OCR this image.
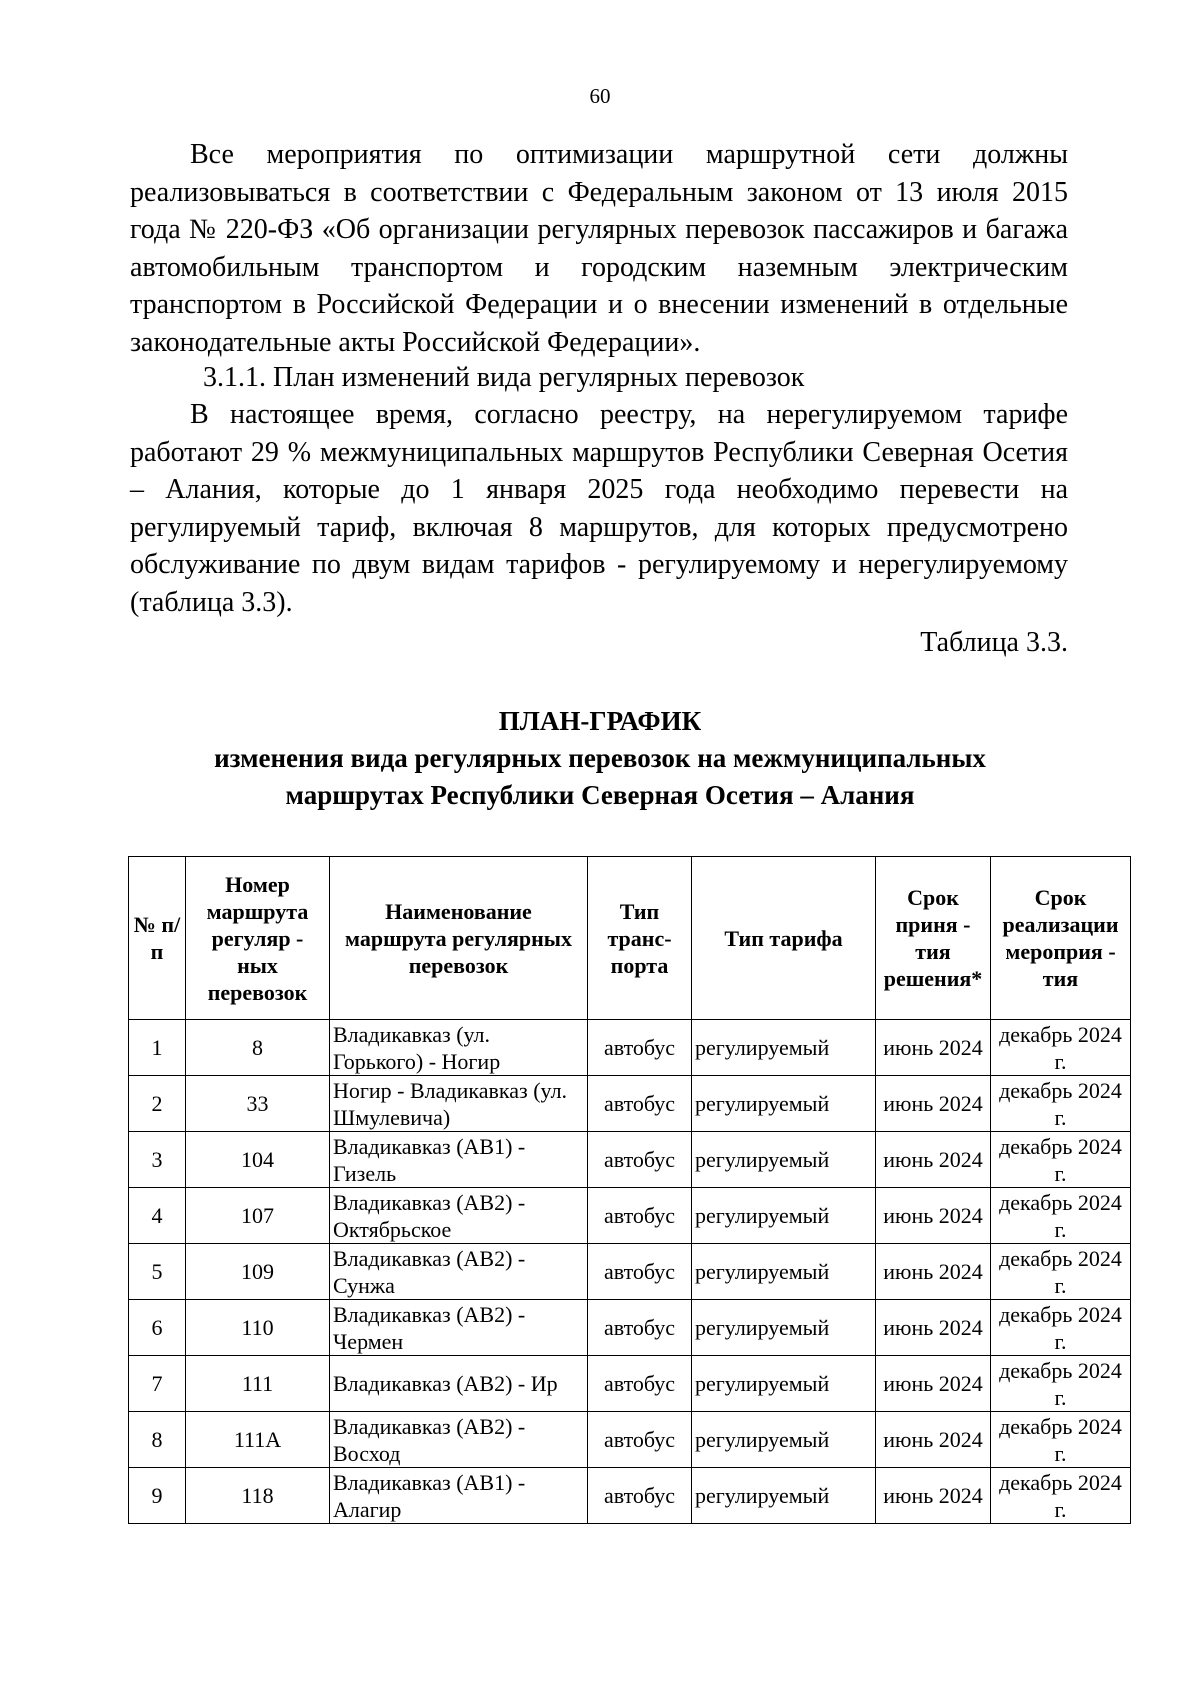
60

Все мероприятия по оптимизации маршрутной сети должны реализовываться в соответствии с Федеральным законом от 13 июля 2015 года № 220-ФЗ «Об организации регулярных перевозок пассажиров и багажа автомобильным транспортом и городским наземным электрическим транспортом в Российской Федерации и о внесении изменений в отдельные законодательные акты Российской Федерации».

3.1.1. План изменений вида регулярных перевозок

В настоящее время, согласно реестру, на нерегулируемом тарифе работают 29 % межмуниципальных маршрутов Республики Северная Осетия – Алания, которые до 1 января 2025 года необходимо перевести на регулируемый тариф, включая 8 маршрутов, для которых предусмотрено обслуживание по двум видам тарифов - регулируемому и нерегулируемому (таблица 3.3).

Таблица 3.3.
ПЛАН-ГРАФИК
изменения вида регулярных перевозок на межмуниципальных
маршрутах Республики Северная Осетия – Алания
№ п/п	Номер маршрута регуляр - ных перевозок	Наименование маршрута регулярных перевозок	Тип транс- порта	Тип тарифа	Срок приня - тия решения*	Срок реализации мероприя - тия
1	8	Владикавказ (ул. Горького) - Ногир	автобус	регулируемый	июнь 2024	декабрь 2024 г.
2	33	Ногир - Владикавказ (ул. Шмулевича)	автобус	регулируемый	июнь 2024	декабрь 2024 г.
3	104	Владикавказ (АВ1) - Гизель	автобус	регулируемый	июнь 2024	декабрь 2024 г.
4	107	Владикавказ (АВ2) - Октябрьское	автобус	регулируемый	июнь 2024	декабрь 2024 г.
5	109	Владикавказ (АВ2) - Сунжа	автобус	регулируемый	июнь 2024	декабрь 2024 г.
6	110	Владикавказ (АВ2) - Чермен	автобус	регулируемый	июнь 2024	декабрь 2024 г.
7	111	Владикавказ (АВ2) - Ир	автобус	регулируемый	июнь 2024	декабрь 2024 г.
8	111А	Владикавказ (АВ2) - Восход	автобус	регулируемый	июнь 2024	декабрь 2024 г.
9	118	Владикавказ (АВ1) - Алагир	автобус	регулируемый	июнь 2024	декабрь 2024 г.
